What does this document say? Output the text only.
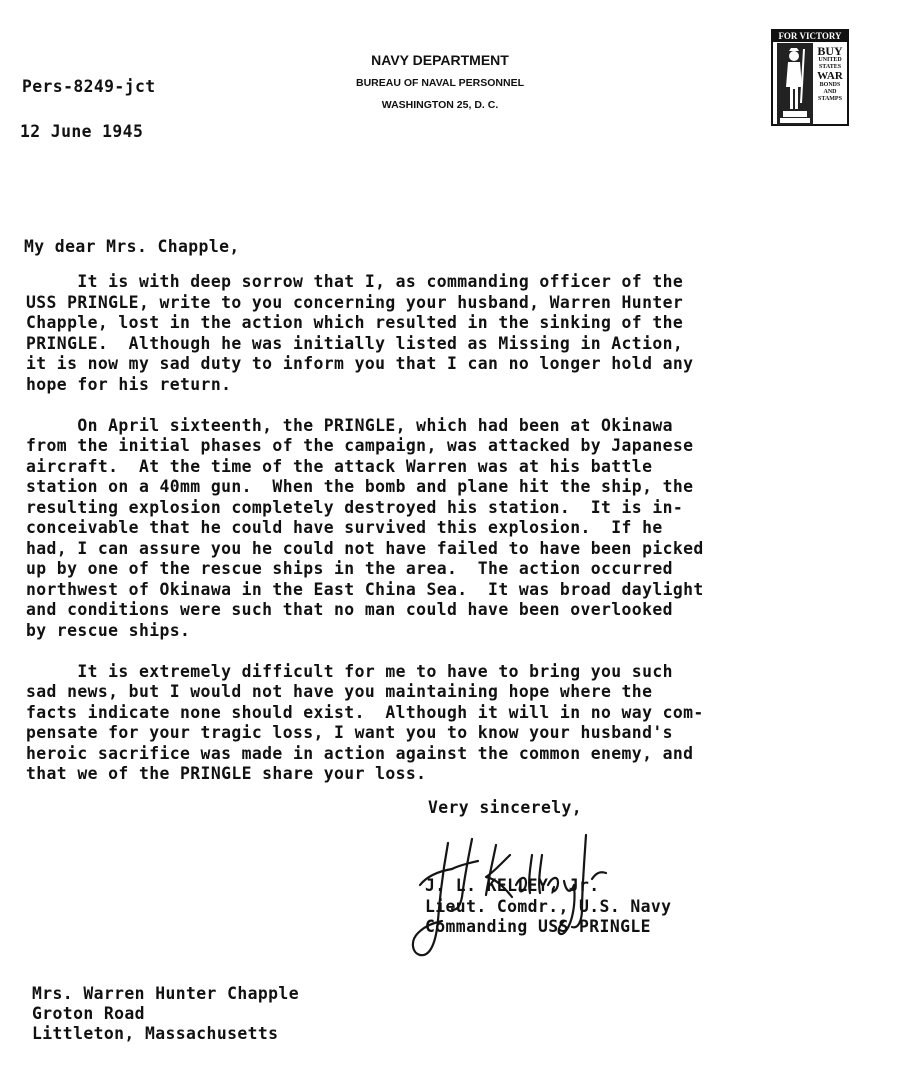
NAVY DEPARTMENT

BUREAU OF NAVAL PERSONNEL

WASHINGTON 25, D. C.

FOR VICTORY
BUY
UNITED
STATES
WAR
BONDS
AND
STAMPS

Pers-8249-jct

12 June 1945

My dear Mrs. Chapple,

It is with deep sorrow that I, as commanding officer of the

USS PRINGLE, write to you concerning your husband, Warren Hunter

Chapple, lost in the action which resulted in the sinking of the

PRINGLE.  Although he was initially listed as Missing in Action,

it is now my sad duty to inform you that I can no longer hold any

hope for his return.

On April sixteenth, the PRINGLE, which had been at Okinawa

from the initial phases of the campaign, was attacked by Japanese

aircraft.  At the time of the attack Warren was at his battle

station on a 40mm gun.  When the bomb and plane hit the ship, the

resulting explosion completely destroyed his station.  It is in-

conceivable that he could have survived this explosion.  If he

had, I can assure you he could not have failed to have been picked

up by one of the rescue ships in the area.  The action occurred

northwest of Okinawa in the East China Sea.  It was broad daylight

and conditions were such that no man could have been overlooked

by rescue ships.

It is extremely difficult for me to have to bring you such

sad news, but I would not have you maintaining hope where the

facts indicate none should exist.  Although it will in no way com-

pensate for your tragic loss, I want you to know your husband's

heroic sacrifice was made in action against the common enemy, and

that we of the PRINGLE share your loss.

Very sincerely,

J. L. KELLEY, Jr.

Lieut. Comdr., U.S. Navy

Commanding USS PRINGLE

Mrs. Warren Hunter Chapple

Groton Road

Littleton, Massachusetts
